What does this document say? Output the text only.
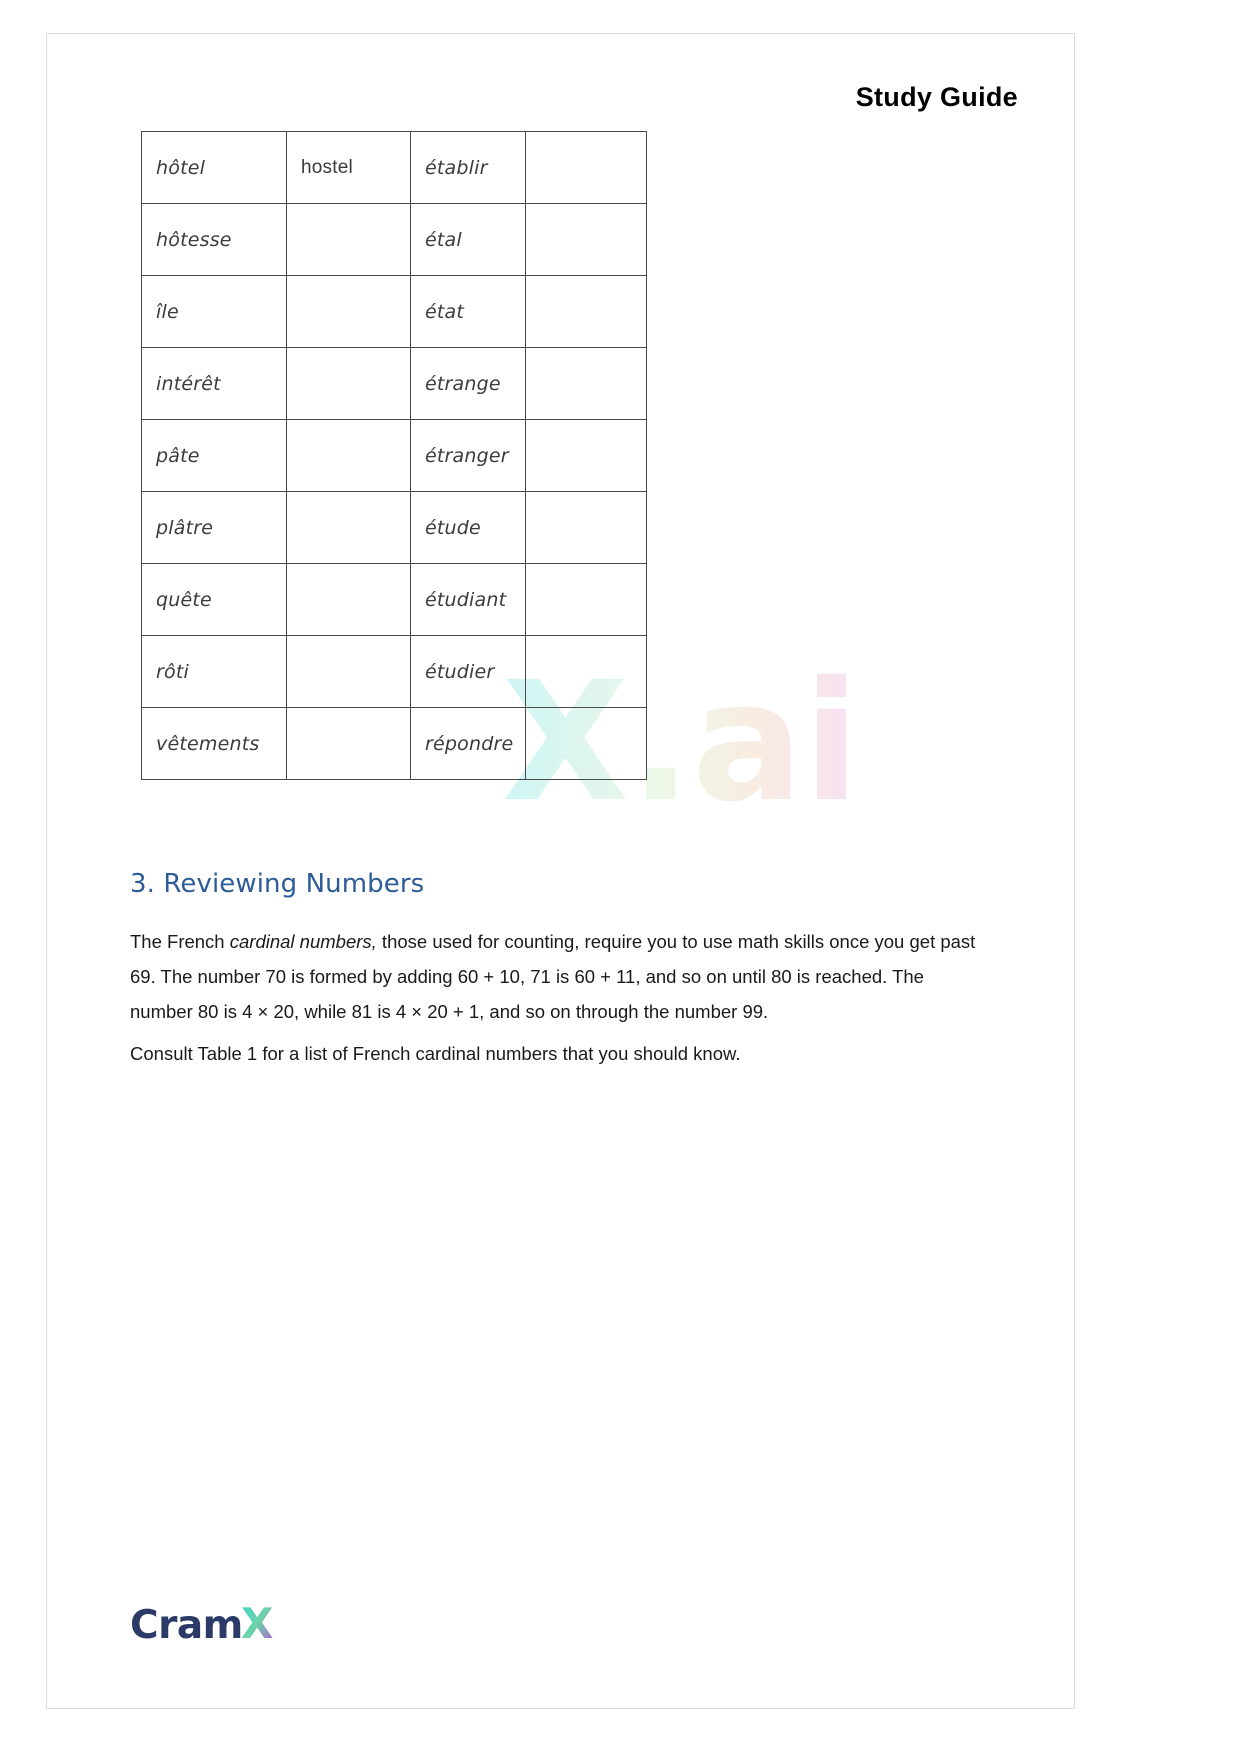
Study Guide
X.ai
hôtel	hostel	établir	
hôtesse		étal	
île		état	
intérêt		étrange	
pâte		étranger	
plâtre		étude	
quête		étudiant	
rôti		étudier	
vêtements		répondre	
3. Reviewing Numbers
The French cardinal numbers, those used for counting, require you to use math skills once you get past 69. The number 70 is formed by adding 60 + 10, 71 is 60 + 11, and so on until 80 is reached. The number 80 is 4 × 20, while 81 is 4 × 20 + 1, and so on through the number 99.
Consult Table 1 for a list of French cardinal numbers that you should know.
Cram
X
